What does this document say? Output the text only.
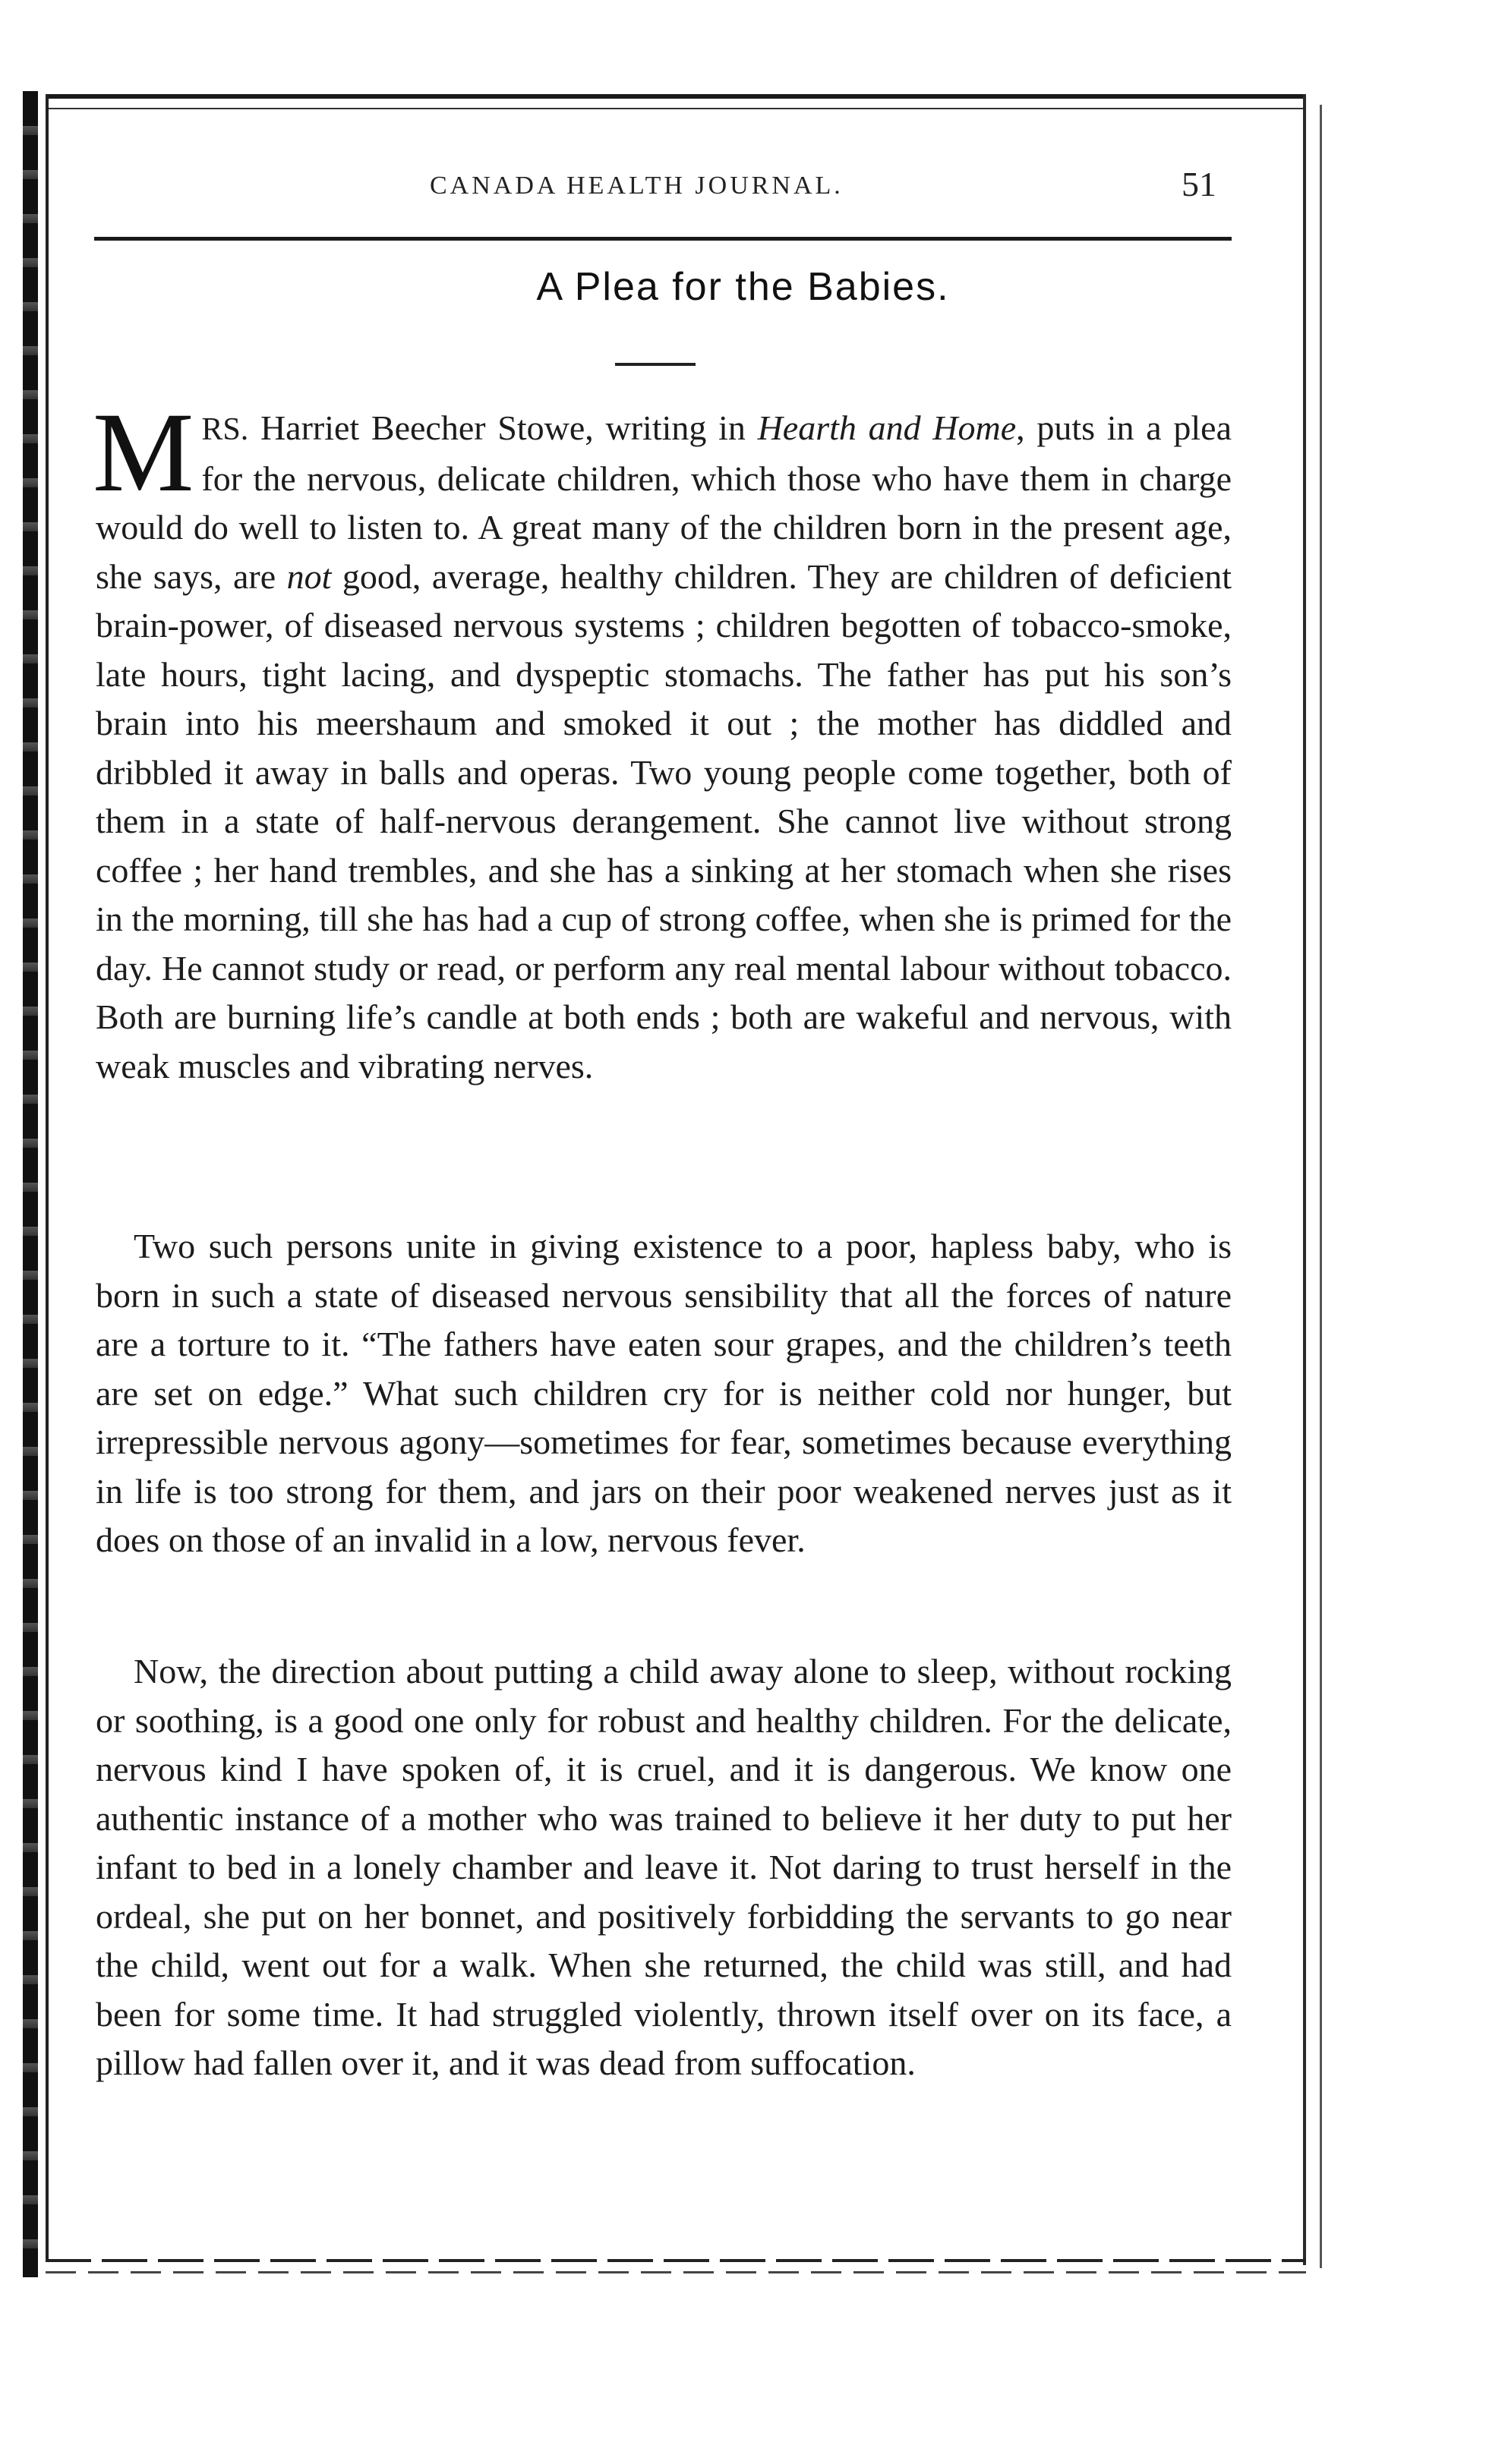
CANADA HEALTH JOURNAL.	51
A Plea for the Babies.
MRS. Harriet Beecher Stowe, writing in Hearth and Home, puts in a plea for the nervous, delicate children, which those who have them in charge would do well to listen to. A great many of the children born in the present age, she says, are not good, average, healthy children. They are children of deficient brain-power, of diseased nervous systems ; children begotten of tobacco-smoke, late hours, tight lacing, and dyspeptic stomachs. The father has put his son’s brain into his meershaum and smoked it out ; the mother has diddled and dribbled it away in balls and operas. Two young people come together, both of them in a state of half-nervous derangement. She cannot live without strong coffee ; her hand trembles, and she has a sinking at her stomach when she rises in the morning, till she has had a cup of strong coffee, when she is primed for the day. He cannot study or read, or perform any real mental labour without tobacco. Both are burning life’s candle at both ends ; both are wakeful and nervous, with weak muscles and vibrating nerves.
Two such persons unite in giving existence to a poor, hapless baby, who is born in such a state of diseased nervous sensibility that all the forces of nature are a torture to it. “The fathers have eaten sour grapes, and the children’s teeth are set on edge.” What such children cry for is neither cold nor hunger, but irrepressible nervous agony—sometimes for fear, sometimes because everything in life is too strong for them, and jars on their poor weakened nerves just as it does on those of an invalid in a low, nervous fever.
Now, the direction about putting a child away alone to sleep, without rocking or soothing, is a good one only for robust and healthy children. For the delicate, nervous kind I have spoken of, it is cruel, and it is dangerous. We know one authentic instance of a mother who was trained to believe it her duty to put her infant to bed in a lonely chamber and leave it. Not daring to trust herself in the ordeal, she put on her bonnet, and positively forbidding the servants to go near the child, went out for a walk. When she returned, the child was still, and had been for some time. It had struggled violently, thrown itself over on its face, a pillow had fallen over it, and it was dead from suffocation.
